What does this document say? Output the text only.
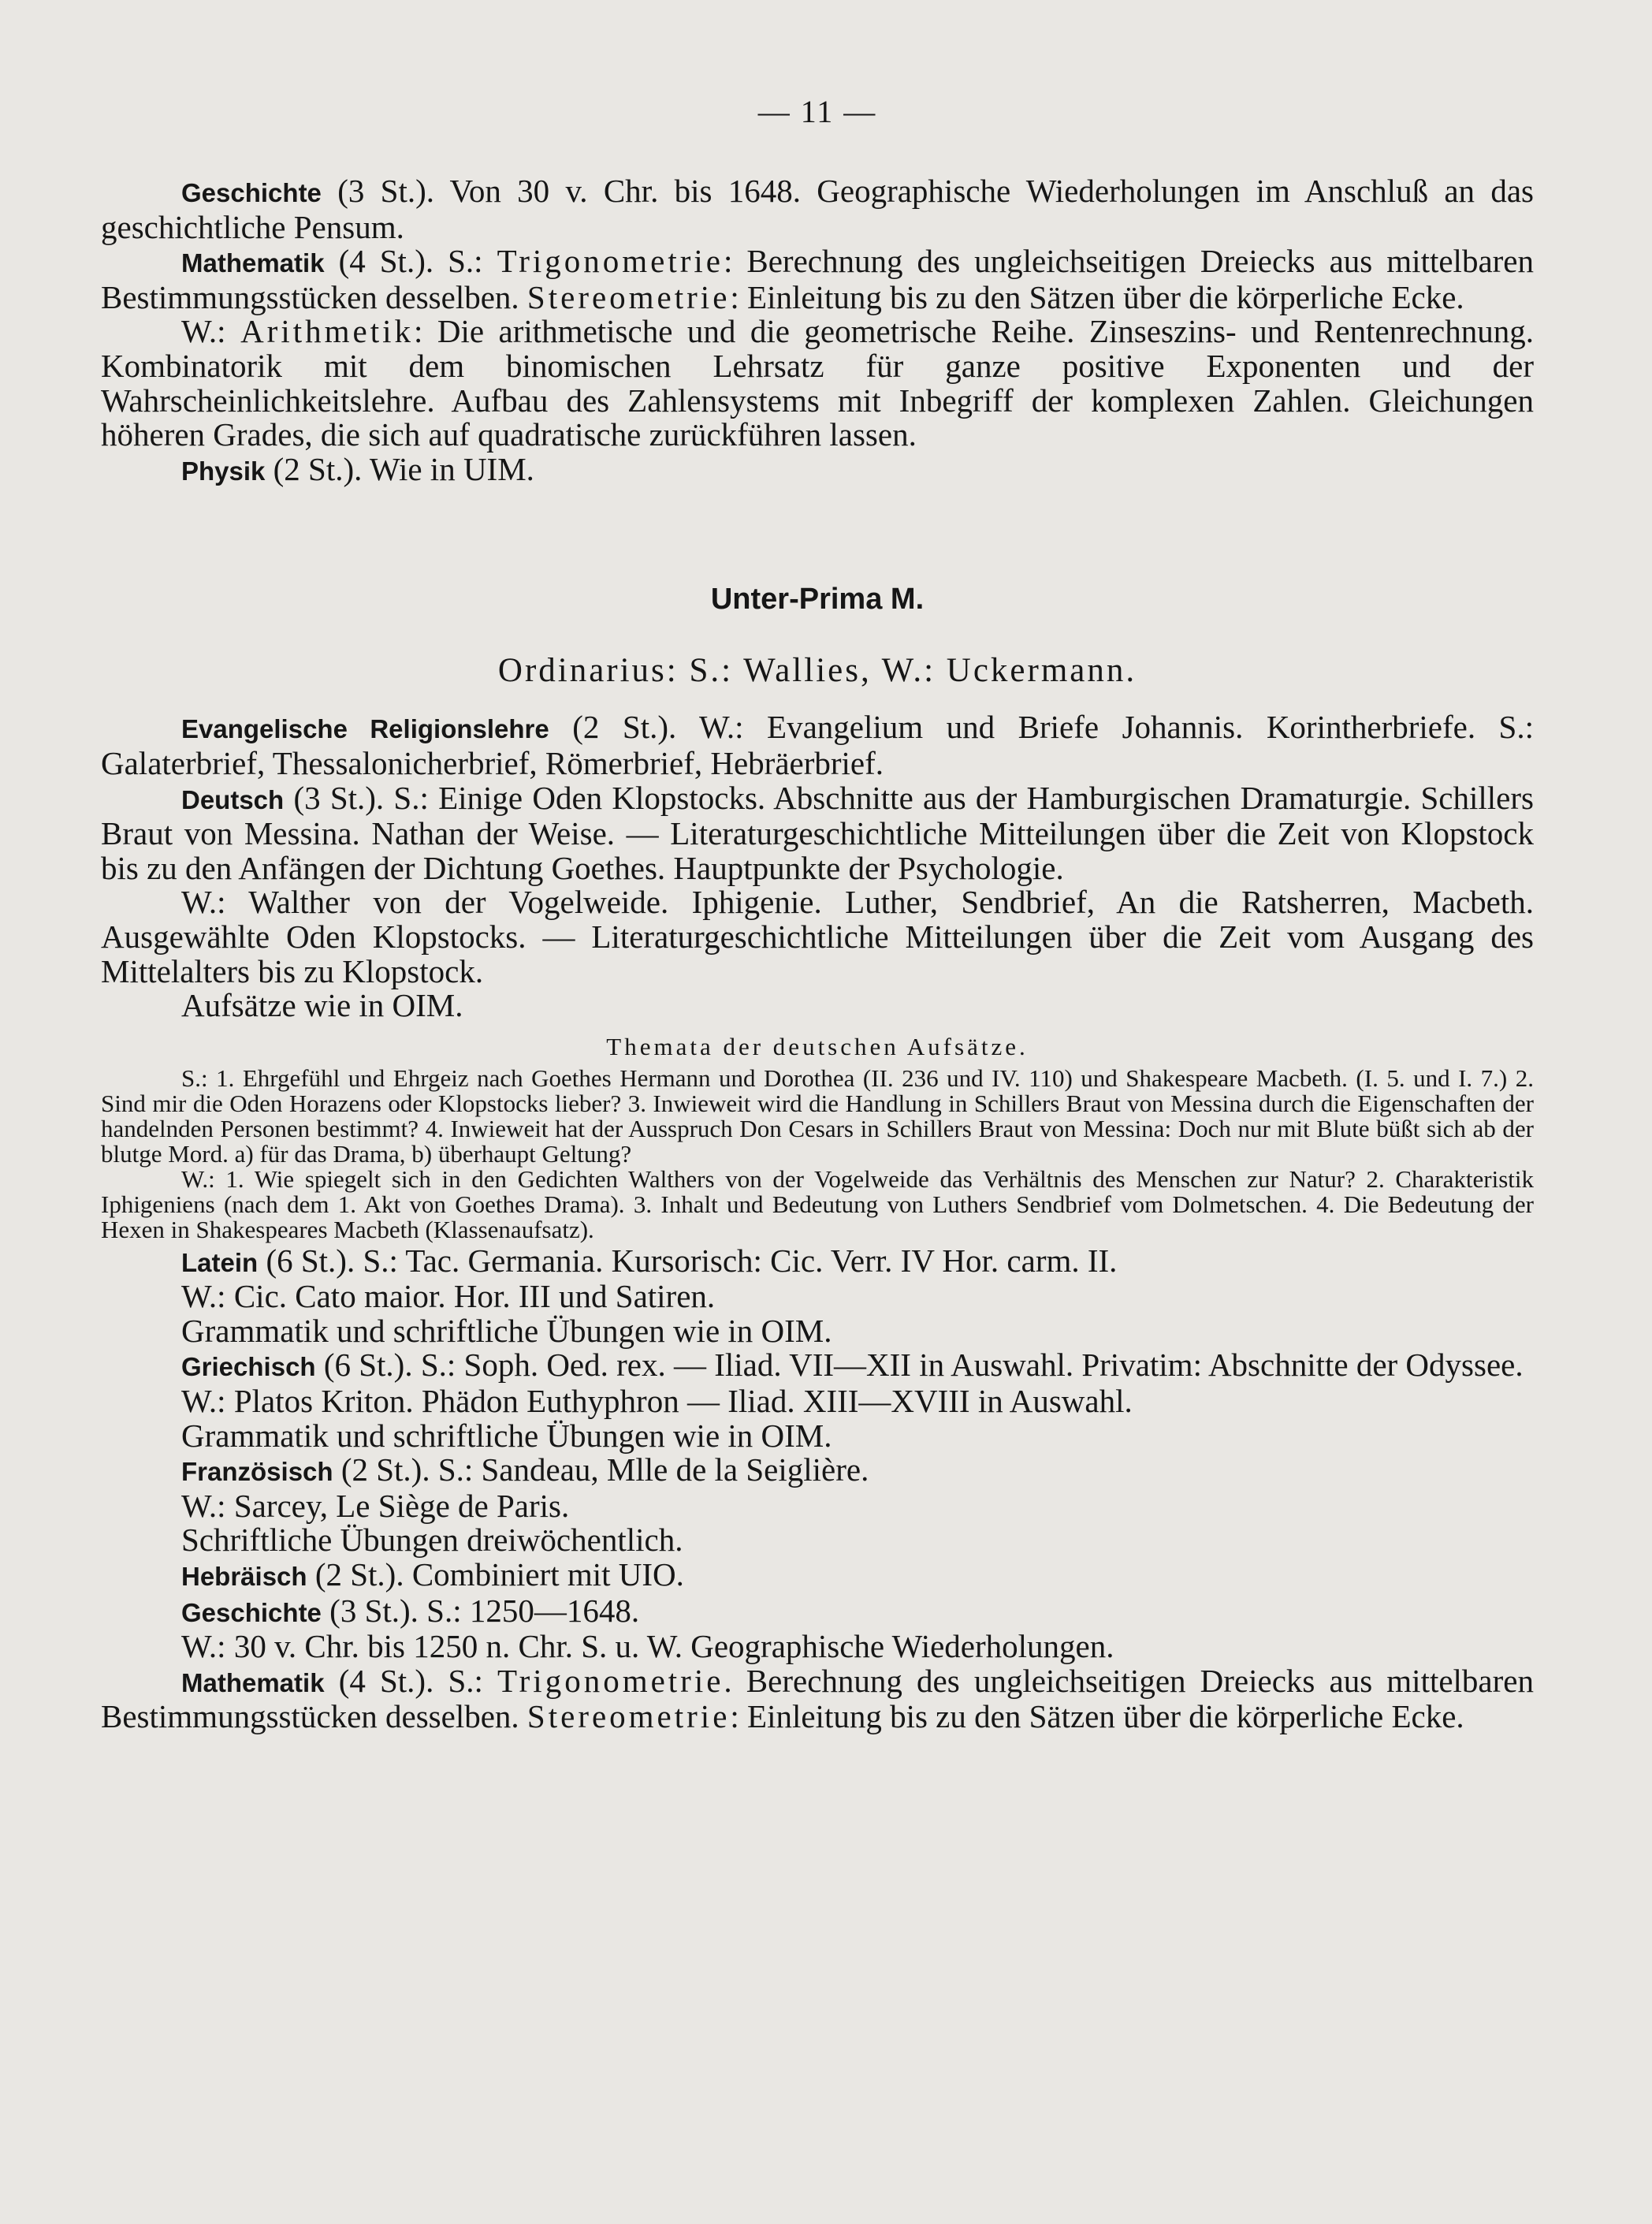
— 11 —

Geschichte (3 St.). Von 30 v. Chr. bis 1648. Geographische Wiederholungen im Anschluß an das geschichtliche Pensum.

Mathematik (4 St.). S.: Trigonometrie: Berechnung des ungleichseitigen Dreiecks aus mittelbaren Bestimmungsstücken desselben. Stereometrie: Einleitung bis zu den Sätzen über die körperliche Ecke.

W.: Arithmetik: Die arithmetische und die geometrische Reihe. Zinseszins- und Rentenrechnung. Kombinatorik mit dem binomischen Lehrsatz für ganze positive Exponenten und der Wahrscheinlichkeitslehre. Aufbau des Zahlensystems mit Inbegriff der komplexen Zahlen. Gleichungen höheren Grades, die sich auf quadratische zurückführen lassen.

Physik (2 St.). Wie in UIM.

Unter-Prima M.
Ordinarius: S.: Wallies, W.: Uckermann.

Evangelische Religionslehre (2 St.). W.: Evangelium und Briefe Johannis. Korintherbriefe. S.: Galaterbrief, Thessalonicherbrief, Römerbrief, Hebräerbrief.

Deutsch (3 St.). S.: Einige Oden Klopstocks. Abschnitte aus der Hamburgischen Dramaturgie. Schillers Braut von Messina. Nathan der Weise. — Literaturgeschichtliche Mitteilungen über die Zeit von Klopstock bis zu den Anfängen der Dichtung Goethes. Hauptpunkte der Psychologie.

W.: Walther von der Vogelweide. Iphigenie. Luther, Sendbrief, An die Ratsherren, Macbeth. Ausgewählte Oden Klopstocks. — Literaturgeschichtliche Mitteilungen über die Zeit vom Ausgang des Mittelalters bis zu Klopstock.

Aufsätze wie in OIM.

Themata der deutschen Aufsätze.

S.: 1. Ehrgefühl und Ehrgeiz nach Goethes Hermann und Dorothea (II. 236 und IV. 110) und Shakespeare Macbeth. (I. 5. und I. 7.) 2. Sind mir die Oden Horazens oder Klopstocks lieber? 3. Inwieweit wird die Handlung in Schillers Braut von Messina durch die Eigenschaften der handelnden Personen bestimmt? 4. Inwieweit hat der Ausspruch Don Cesars in Schillers Braut von Messina: Doch nur mit Blute büßt sich ab der blutge Mord. a) für das Drama, b) überhaupt Geltung?

W.: 1. Wie spiegelt sich in den Gedichten Walthers von der Vogelweide das Verhältnis des Menschen zur Natur? 2. Charakteristik Iphigeniens (nach dem 1. Akt von Goethes Drama). 3. Inhalt und Bedeutung von Luthers Sendbrief vom Dolmetschen. 4. Die Bedeutung der Hexen in Shakespeares Macbeth (Klassenaufsatz).

Latein (6 St.). S.: Tac. Germania. Kursorisch: Cic. Verr. IV Hor. carm. II.

W.: Cic. Cato maior. Hor. III und Satiren.

Grammatik und schriftliche Übungen wie in OIM.

Griechisch (6 St.). S.: Soph. Oed. rex. — Iliad. VII—XII in Auswahl. Privatim: Abschnitte der Odyssee.

W.: Platos Kriton. Phädon Euthyphron — Iliad. XIII—XVIII in Auswahl.

Grammatik und schriftliche Übungen wie in OIM.

Französisch (2 St.). S.: Sandeau, Mlle de la Seiglière.

W.: Sarcey, Le Siège de Paris.

Schriftliche Übungen dreiwöchentlich.

Hebräisch (2 St.). Combiniert mit UIO.

Geschichte (3 St.). S.: 1250—1648.

W.: 30 v. Chr. bis 1250 n. Chr. S. u. W. Geographische Wiederholungen.

Mathematik (4 St.). S.: Trigonometrie. Berechnung des ungleichseitigen Dreiecks aus mittelbaren Bestimmungsstücken desselben. Stereometrie: Einleitung bis zu den Sätzen über die körperliche Ecke.
